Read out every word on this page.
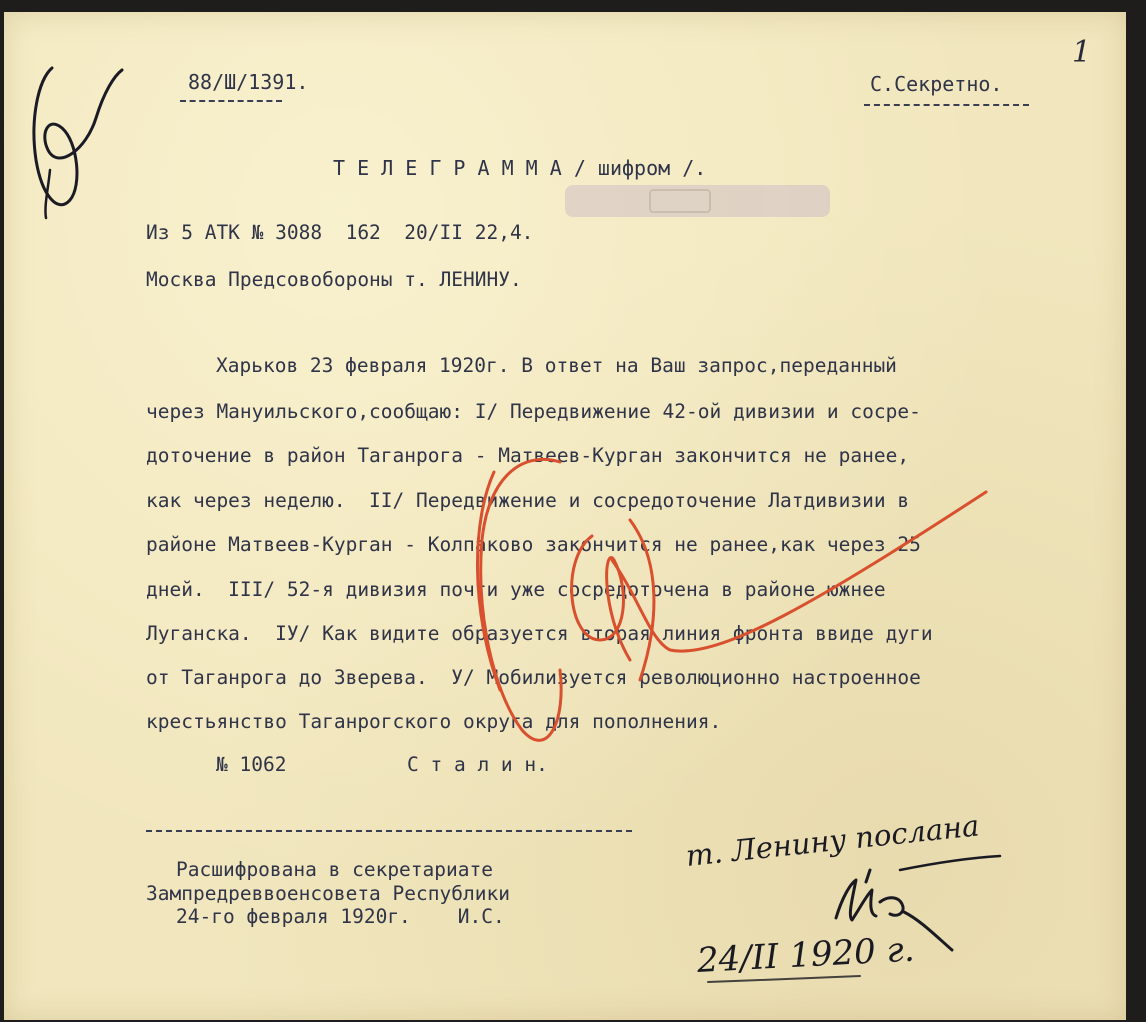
88/Ш/1391.	С.Секретно.
1
Т Е Л Е Г Р А М М А / шифром /.
Из 5 АТК № 3088  162  20/II 22,4.
Москва Предсовобороны т. ЛЕНИНУ.
Харьков 23 февраля 1920г. В ответ на Ваш запрос,переданный
через Мануильского,сообщаю: I/ Передвижение 42-ой дивизии и сосре-
доточение в район Таганрога - Матвеев-Курган закончится не ранее,
как через неделю.  II/ Передвижение и сосредоточение Латдивизии в
районе Матвеев-Курган - Колпаково закончится не ранее,как через 25
дней.  III/ 52-я дивизия почти уже сосредоточена в районе южнее
Луганска.  IУ/ Как видите образуется вторая линия фронта ввиде дуги
от Таганрога до Зверева.  У/ Мобилизуется революционно настроенное
крестьянство Таганрогского округа для пополнения.
№ 1062	С т а л и н.
Расшифрована в секретариате
Зампредреввоенсовета Республики
24-го февраля 1920г.    И.С.
т. Ленину послана
24/II 1920 г.
